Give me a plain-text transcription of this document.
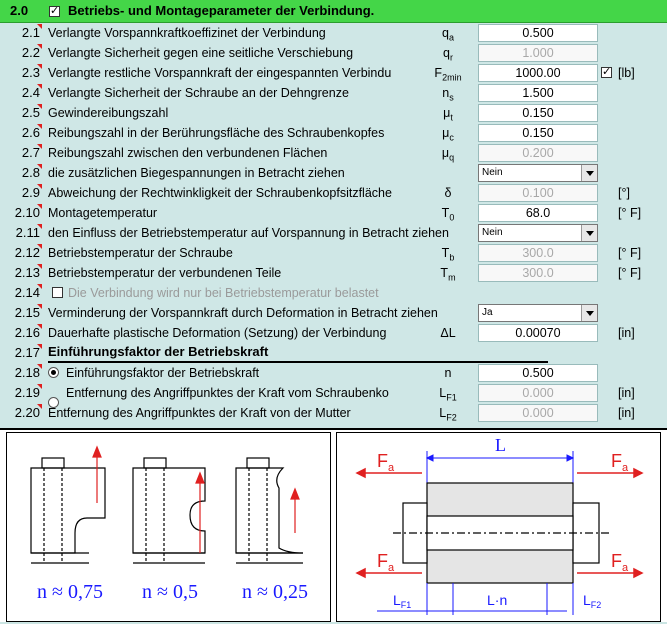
2.0
✓	Betriebs- und Montageparameter der Verbindung.
2.1 Verlangte Vorspannkraftkoeffizinet der Verbindung	$q_a$	0.500
2.2 Verlangte Sicherheit gegen eine seitliche Verschiebung	$q_r$	1.000
2.3 Verlangte restliche Vorspannkraft der eingespannten Verbindu	$F_{2min}$	1000.00	[lb]
✓
2.4 Verlangte Sicherheit der Schraube an der Dehngrenze	$n_s$	1.500
2.5 Gewindereibungszahl	$\mu_t$	0.150
2.6 Reibungszahl in der Berührungsfläche des Schraubenkopfes	$\mu_c$	0.150
2.7 Reibungszahl zwischen den verbundenen Flächen	$\mu_q$	0.200
2.8 die zusätzlichen Biegespannungen in Betracht ziehen	Nein
2.9 Abweichung der Rechtwinkligkeit der Schraubenkopfsitzfläche	δ	0.100	[°]
2.10 Montagetemperatur	$T_0$	68.0	[° F]
2.11 den Einfluss der Betriebstemperatur auf Vorspannung in Betracht ziehen	Nein
2.12 Betriebstemperatur der Schraube	$T_b$	300.0	[° F]
2.13 Betriebstemperatur der verbundenen Teile	$T_m$	300.0	[° F]
2.14 Die Verbindung wird nur bei Betriebstemperatur belastet
2.15 Verminderung der Vorspannkraft durch Deformation in Betracht ziehen	Ja
2.16 Dauerhafte plastische Deformation (Setzung) der Verbindung	ΔL	0.00070	[in]
2.17 Einführungsfaktor der Betriebskraft
2.18 Einführungsfaktor der Betriebskraft	n	0.500
2.19 Entfernung des Angriffpunktes der Kraft vom Schraubenko	$L_{F1}$	0.000	[in]
2.20 Entfernung des Angriffpunktes der Kraft von der Mutter	$L_{F2}$	0.000	[in]
n ≈ 0,75 n ≈ 0,5 n ≈ 0,25
L
$F_a$	$F_a$
$F_a$	$F_a$
$L_{F1}$	L·n	$L_{F2}$
